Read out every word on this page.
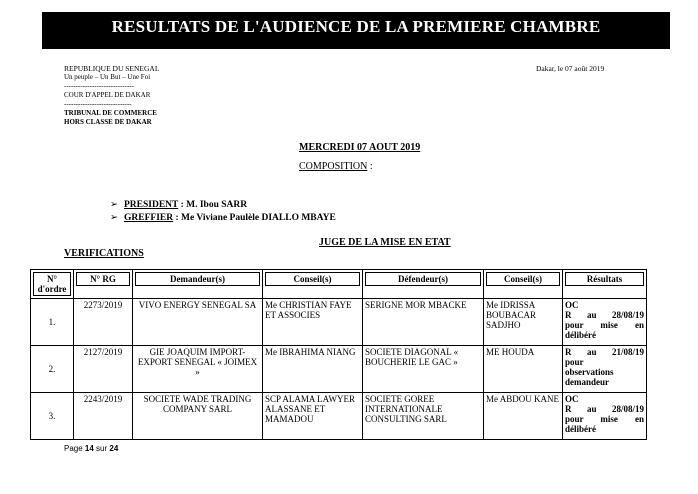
RESULTATS DE L'AUDIENCE DE LA PREMIERE CHAMBRE
REPUBLIQUE DU SENEGAL
Un peuple – Un But – Une Foi
------------------------------
COUR D'APPEL DE DAKAR
-----------------------------
TRIBUNAL DE COMMERCE
HORS CLASSE DE DAKAR
Dakar, le 07 août 2019
MERCREDI 07 AOUT 2019
COMPOSITION :
➢ PRESIDENT : M. Ibou SARR
➢ GREFFIER : Me Viviane Paulèle DIALLO MBAYE
JUGE DE LA MISE EN ETAT
VERIFICATIONS
N° d'ordre	N° RG	Demandeur(s)	Conseil(s)	Défendeur(s)	Conseil(s)	Résultats

1.	2273/2019	VIVO ENERGY SENEGAL SA	Me CHRISTIAN FAYE ET ASSOCIES	SERIGNE MOR MBACKE	Me IDRISSA BOUBACAR SADJHO	OC
R au 28/08/19
pour mise en
délibéré

2.	2127/2019	GIE JOAQUIM IMPORT-EXPORT SENEGAL « JOIMEX »	Me IBRAHIMA NIANG	SOCIETE DIAGONAL « BOUCHERIE LE GAC »	ME HOUDA	R au 21/08/19
pour
observations
demandeur

3.	2243/2019	SOCIETE WADE TRADING COMPANY SARL	SCP ALAMA LAWYER ALASSANE ET MAMADOU	SOCIETE GOREE INTERNATIONALE CONSULTING SARL	Me ABDOU KANE	OC
R au 28/08/19
pour mise en
délibéré
Page 14 sur 24
